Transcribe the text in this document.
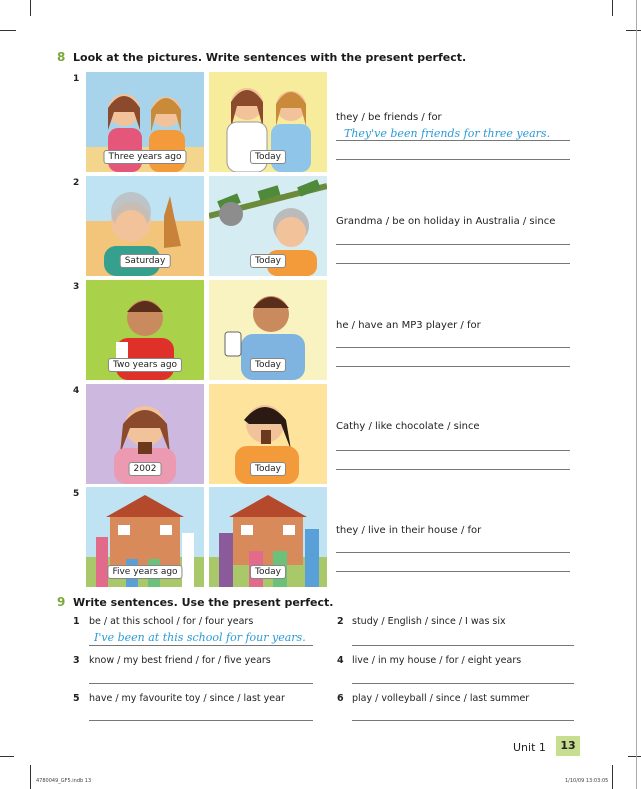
8 Look at the pictures. Write sentences with the present perfect.
1
Three years ago	Today
they / be friends / for
They've been friends for three years.
2
Saturday	Today
Grandma / be on holiday in Australia / since
3
Two years ago	Today
he / have an MP3 player / for
4
2002	Today
Cathy / like chocolate / since
5
Five years ago	Today
they / live in their house / for
9 Write sentences. Use the present perfect.
1 be / at this school / for / four years
I've been at this school for four years.
2 study / English / since / I was six
3 know / my best friend / for / five years	4 live / in my house / for / eight years
5 have / my favourite toy / since / last year	6 play / volleyball / since / last summer
Unit 1	13
4780049_GF5.indb 13	1/10/09 13:03:05
